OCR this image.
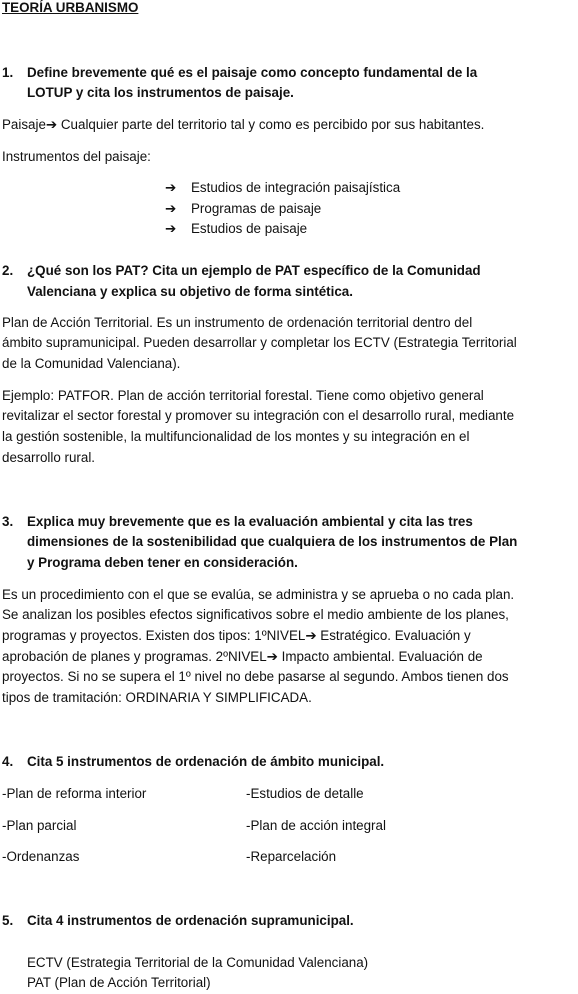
TEORÍA URBANISMO
1. Define brevemente qué es el paisaje como concepto fundamental de la
LOTUP y cita los instrumentos de paisaje.
Paisaje➔ Cualquier parte del territorio tal y como es percibido por sus habitantes.
Instrumentos del paisaje:
➔ Estudios de integración paisajística
➔ Programas de paisaje
➔ Estudios de paisaje
2. ¿Qué son los PAT? Cita un ejemplo de PAT específico de la Comunidad
Valenciana y explica su objetivo de forma sintética.
Plan de Acción Territorial. Es un instrumento de ordenación territorial dentro del
ámbito supramunicipal. Pueden desarrollar y completar los ECTV (Estrategia Territorial
de la Comunidad Valenciana).
Ejemplo: PATFOR. Plan de acción territorial forestal. Tiene como objetivo general
revitalizar el sector forestal y promover su integración con el desarrollo rural, mediante
la gestión sostenible, la multifuncionalidad de los montes y su integración en el
desarrollo rural.
3. Explica muy brevemente que es la evaluación ambiental y cita las tres
dimensiones de la sostenibilidad que cualquiera de los instrumentos de Plan
y Programa deben tener en consideración.
Es un procedimiento con el que se evalúa, se administra y se aprueba o no cada plan.
Se analizan los posibles efectos significativos sobre el medio ambiente de los planes,
programas y proyectos. Existen dos tipos: 1ºNIVEL➔ Estratégico. Evaluación y
aprobación de planes y programas. 2ºNIVEL➔ Impacto ambiental. Evaluación de
proyectos. Si no se supera el 1º nivel no debe pasarse al segundo. Ambos tienen dos
tipos de tramitación: ORDINARIA Y SIMPLIFICADA.
4. Cita 5 instrumentos de ordenación de ámbito municipal.
-Plan de reforma interior	-Estudios de detalle
-Plan parcial	-Plan de acción integral
-Ordenanzas	-Reparcelación
5. Cita 4 instrumentos de ordenación supramunicipal.
ECTV (Estrategia Territorial de la Comunidad Valenciana)
PAT (Plan de Acción Territorial)
